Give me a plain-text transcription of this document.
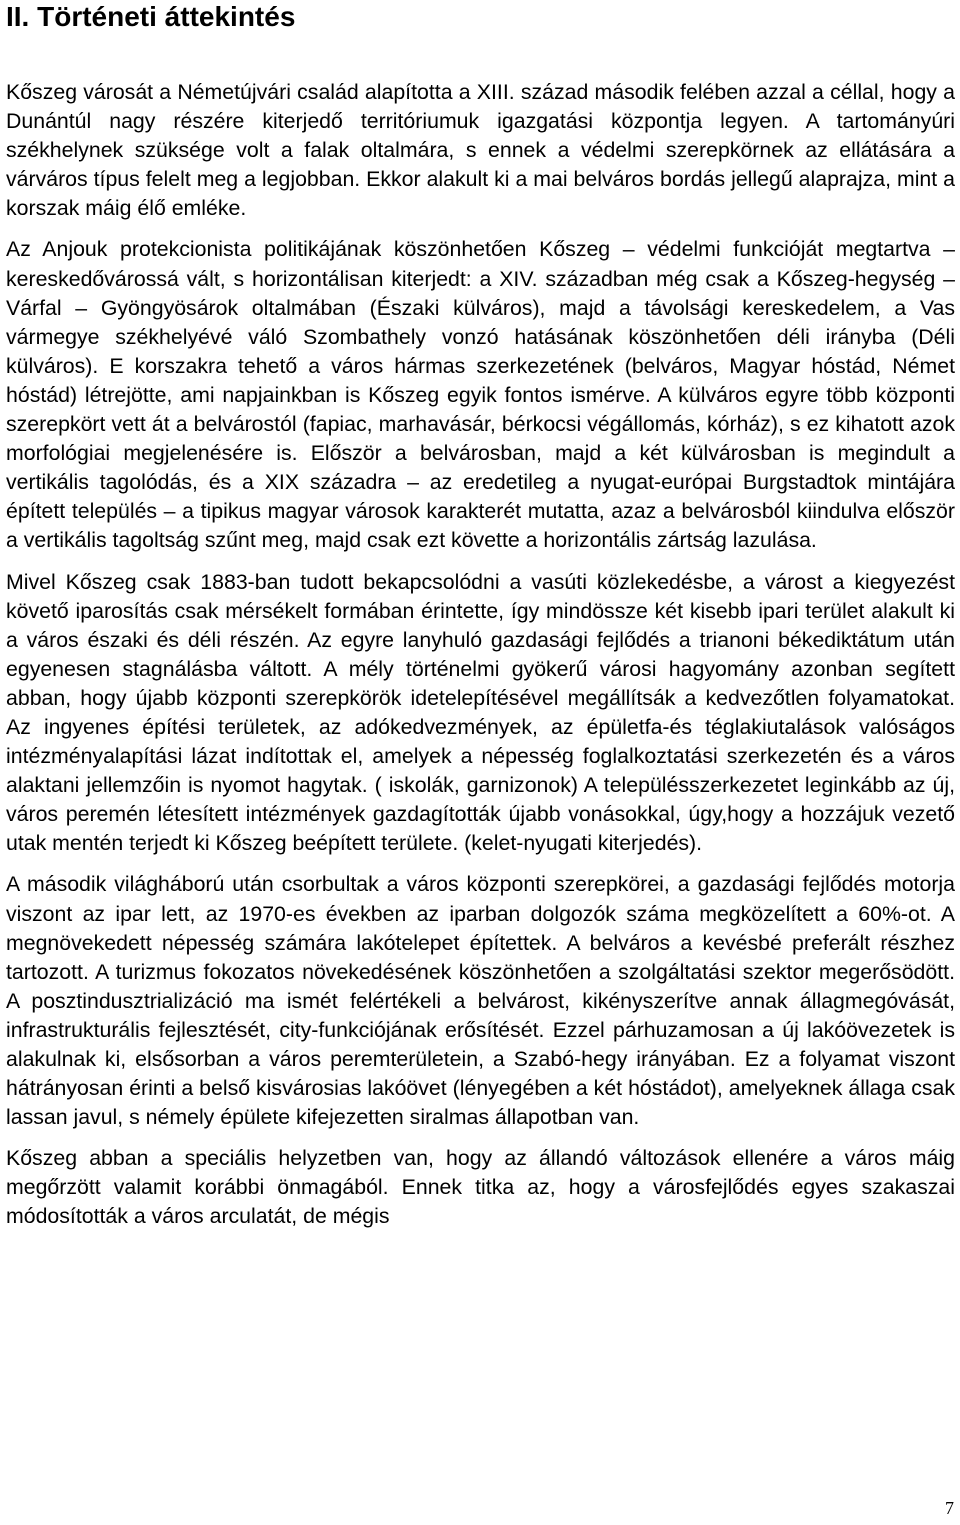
II. Történeti áttekintés

Kőszeg városát a Németújvári család alapította a XIII. század második felében azzal a céllal, hogy a Dunántúl nagy részére kiterjedő territóriumuk igazgatási központja legyen. A tartományúri székhelynek szüksége volt a falak oltalmára, s ennek a védelmi szerepkörnek az ellátására a várváros típus felelt meg a legjobban. Ekkor alakult ki a mai belváros bordás jellegű alaprajza, mint a korszak máig élő emléke.

Az Anjouk protekcionista politikájának köszönhetően Kőszeg – védelmi funkcióját megtartva – kereskedővárossá vált, s horizontálisan kiterjedt: a XIV. században még csak a Kőszeg-hegység – Várfal – Gyöngyösárok oltalmában (Északi külváros), majd a távolsági kereskedelem, a Vas vármegye székhelyévé váló Szombathely vonzó hatásának köszönhetően déli irányba (Déli külváros). E korszakra tehető a város hármas szerkezetének (belváros, Magyar hóstád, Német hóstád) létrejötte, ami napjainkban is Kőszeg egyik fontos ismérve. A külváros egyre több központi szerepkört vett át a belvárostól (fapiac, marhavásár, bérkocsi végállomás, kórház), s ez kihatott azok morfológiai megjelenésére is. Először a belvárosban, majd a két külvárosban is megindult a vertikális tagolódás, és a XIX századra – az eredetileg a nyugat-európai Burgstadtok mintájára épített település – a tipikus magyar városok karakterét mutatta, azaz a belvárosból kiindulva először a vertikális tagoltság szűnt meg, majd csak ezt követte a horizontális zártság lazulása.

Mivel Kőszeg csak 1883-ban tudott bekapcsolódni a vasúti közlekedésbe, a várost a kiegyezést követő iparosítás csak mérsékelt formában érintette, így mindössze két kisebb ipari terület alakult ki a város északi és déli részén. Az egyre lanyhuló gazdasági fejlődés a trianoni békediktátum után egyenesen stagnálásba váltott. A mély történelmi gyökerű városi hagyomány azonban segített abban, hogy újabb központi szerepkörök idetelepítésével megállítsák a kedvezőtlen folyamatokat. Az ingyenes építési területek, az adókedvezmények, az épületfa-és téglakiutalások valóságos intézményalapítási lázat indítottak el, amelyek a népesség foglalkoztatási szerkezetén és a város alaktani jellemzőin is nyomot hagytak. ( iskolák, garnizonok) A településszerkezetet leginkább az új, város peremén létesített intézmények gazdagították újabb vonásokkal, úgy,hogy a hozzájuk vezető utak mentén terjedt ki Kőszeg beépített területe. (kelet-nyugati kiterjedés).

A második világháború után csorbultak a város központi szerepkörei, a gazdasági fejlődés motorja viszont az ipar lett, az 1970-es években az iparban dolgozók száma megközelített a 60%-ot. A megnövekedett népesség számára lakótelepet építettek. A belváros a kevésbé preferált részhez tartozott. A turizmus fokozatos növekedésének köszönhetően a szolgáltatási szektor megerősödött. A posztindusztrializáció ma ismét felértékeli a belvárost, kikényszerítve annak állagmegóvását, infrastrukturális fejlesztését, city-funkciójának erősítését. Ezzel párhuzamosan a új lakóövezetek is alakulnak ki, elsősorban a város peremterületein, a Szabó-hegy irányában. Ez a folyamat viszont hátrányosan érinti a belső kisvárosias lakóövet (lényegében a két hóstádot), amelyeknek állaga csak lassan javul, s némely épülete kifejezetten siralmas állapotban van.

Kőszeg abban a speciális helyzetben van, hogy az állandó változások ellenére a város máig megőrzött valamit korábbi önmagából. Ennek titka az, hogy a városfejlődés egyes szakaszai módosították a város arculatát, de mégis

7
